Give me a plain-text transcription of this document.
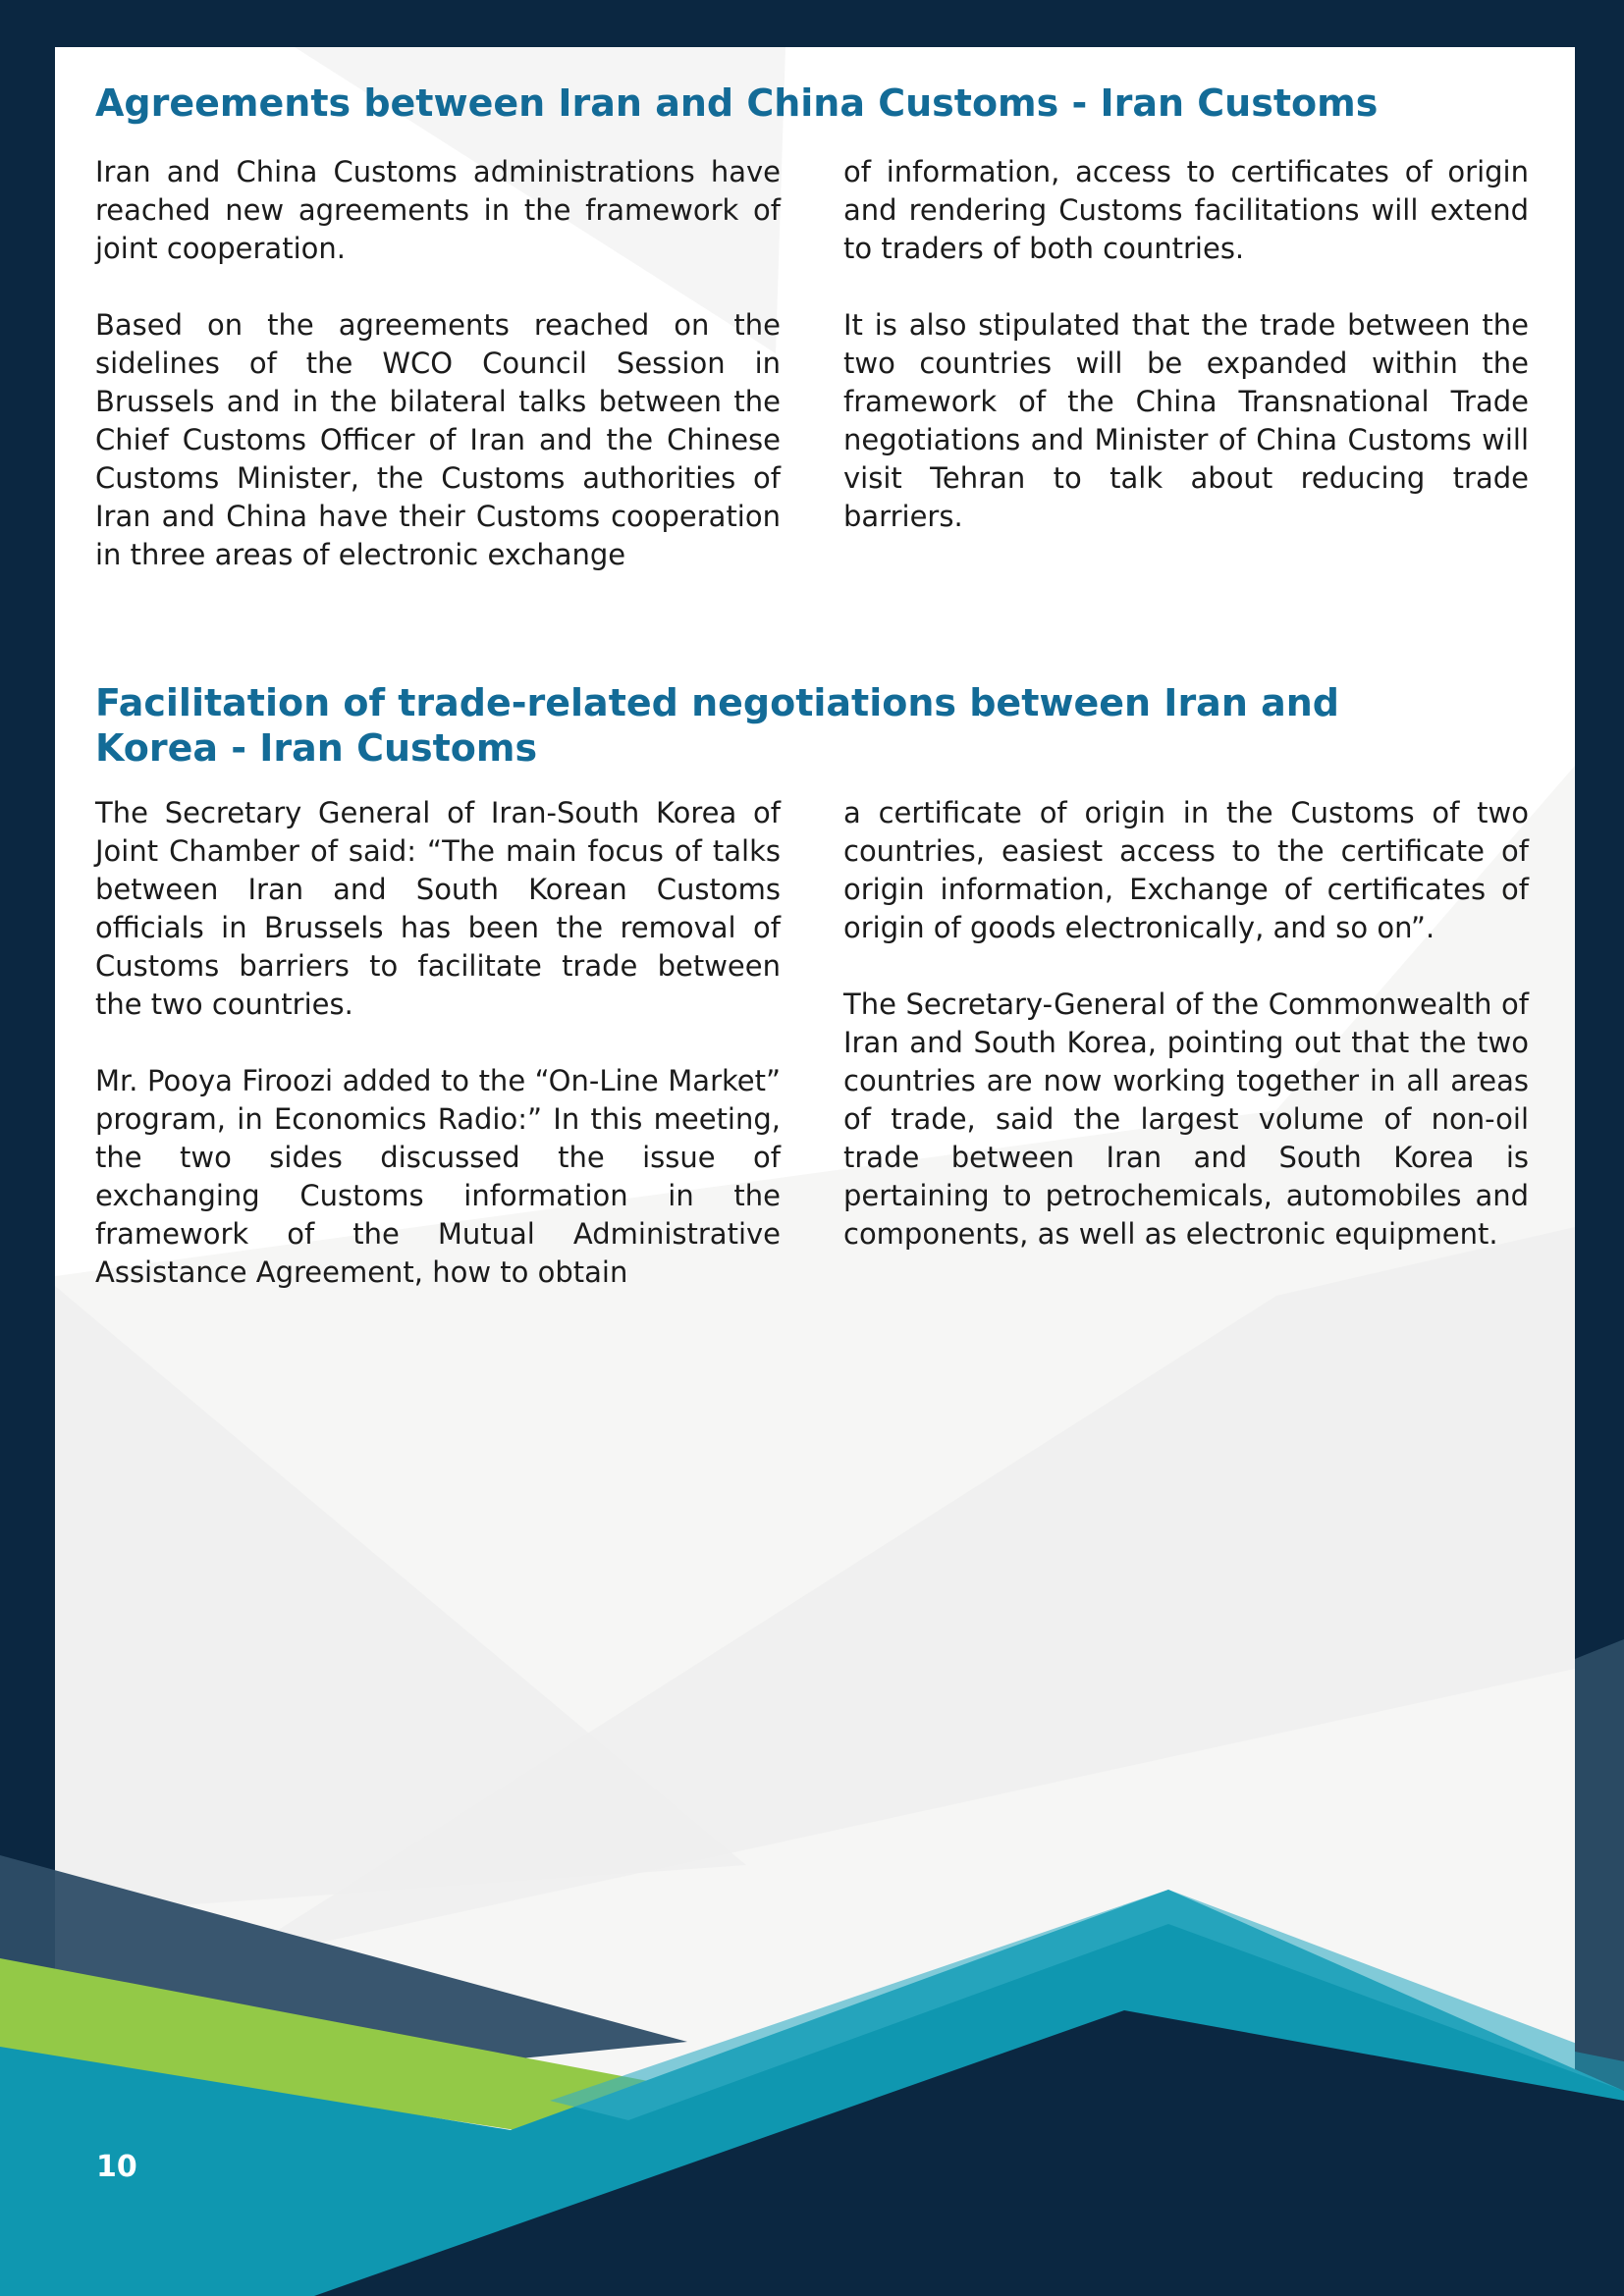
Agreements between Iran and China Customs - Iran Customs

Iran and China Customs administrations have reached new agreements in the framework of joint cooperation.

Based on the agreements reached on the sidelines of the WCO Council Session in Brussels and in the bilateral talks between the Chief Customs Officer of Iran and the Chinese Customs Minister, the Customs authorities of Iran and China have their Customs cooperation in three areas of electronic exchange

of information, access to certificates of origin and rendering Customs facilitations will extend to traders of both countries.

It is also stipulated that the trade between the two countries will be expanded within the framework of the China Transnational Trade negotiations and Minister of China Customs will visit Tehran to talk about reducing trade barriers.

Facilitation of trade-related negotiations between Iran and
Korea - Iran Customs

The Secretary General of Iran-South Korea of Joint Chamber of said: “The main focus of talks between Iran and South Korean Customs officials in Brussels has been the removal of Customs barriers to facilitate trade between the two countries.

Mr. Pooya Firoozi added to the “On-Line Market” program, in Economics Radio:” In this meeting, the two sides discussed the issue of exchanging Customs information in the framework of the Mutual Administrative Assistance Agreement, how to obtain

a certificate of origin in the Customs of two countries, easiest access to the certificate of origin information, Exchange of certificates of origin of goods electronically, and so on”.

The Secretary-General of the Commonwealth of Iran and South Korea, pointing out that the two countries are now working together in all areas of trade, said the largest volume of non-oil trade between Iran and South Korea is pertaining to petrochemicals, automobiles and components, as well as electronic equipment.

10
